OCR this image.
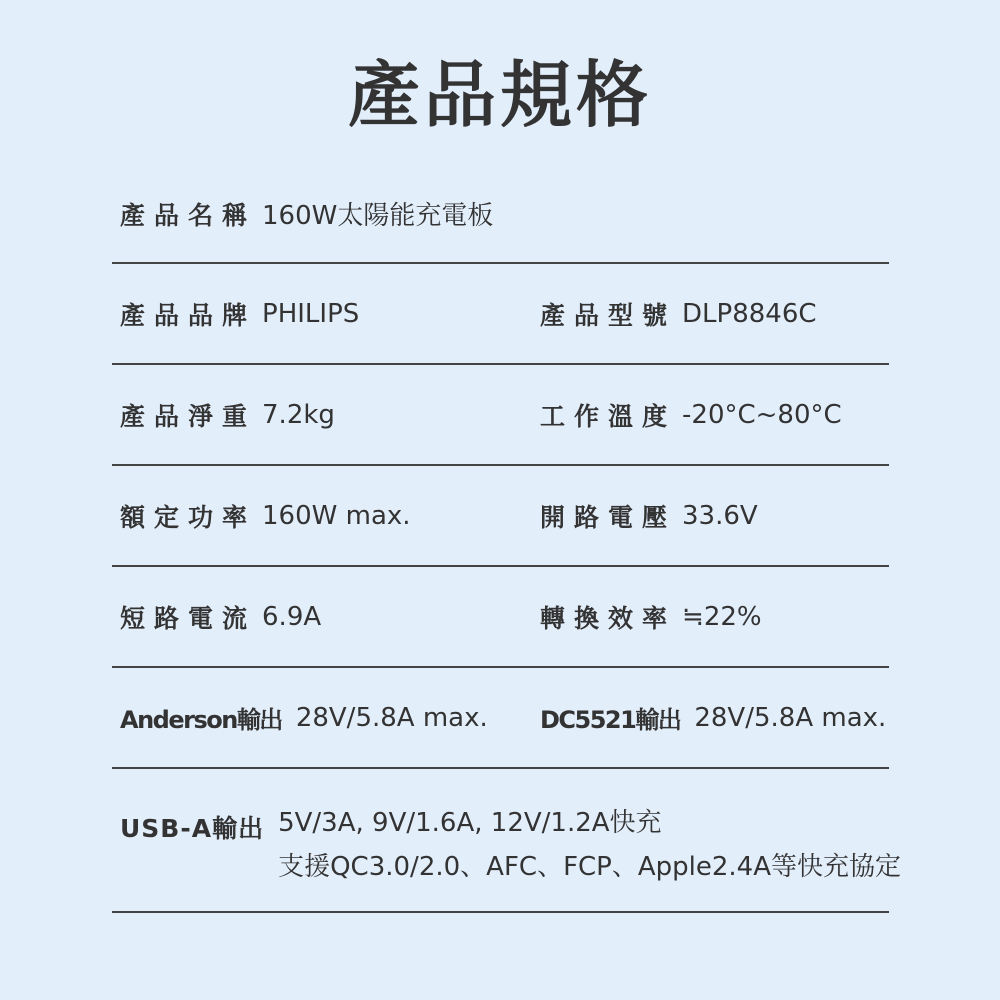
產品規格
產品名稱 160W太陽能充電板
產品品牌 PHILIPS	產品型號 DLP8846C
產品淨重 7.2kg	工作溫度 -20°C~80°C
額定功率 160W max.	開路電壓 33.6V
短路電流 6.9A	轉換效率 ≒22%
Anderson輸出 28V/5.8A max. DC5521輸出 28V/5.8A max.
USB-A輸出 5V/3A, 9V/1.6A, 12V/1.2A快充
支援QC3.0/2.0、AFC、FCP、Apple2.4A等快充協定
